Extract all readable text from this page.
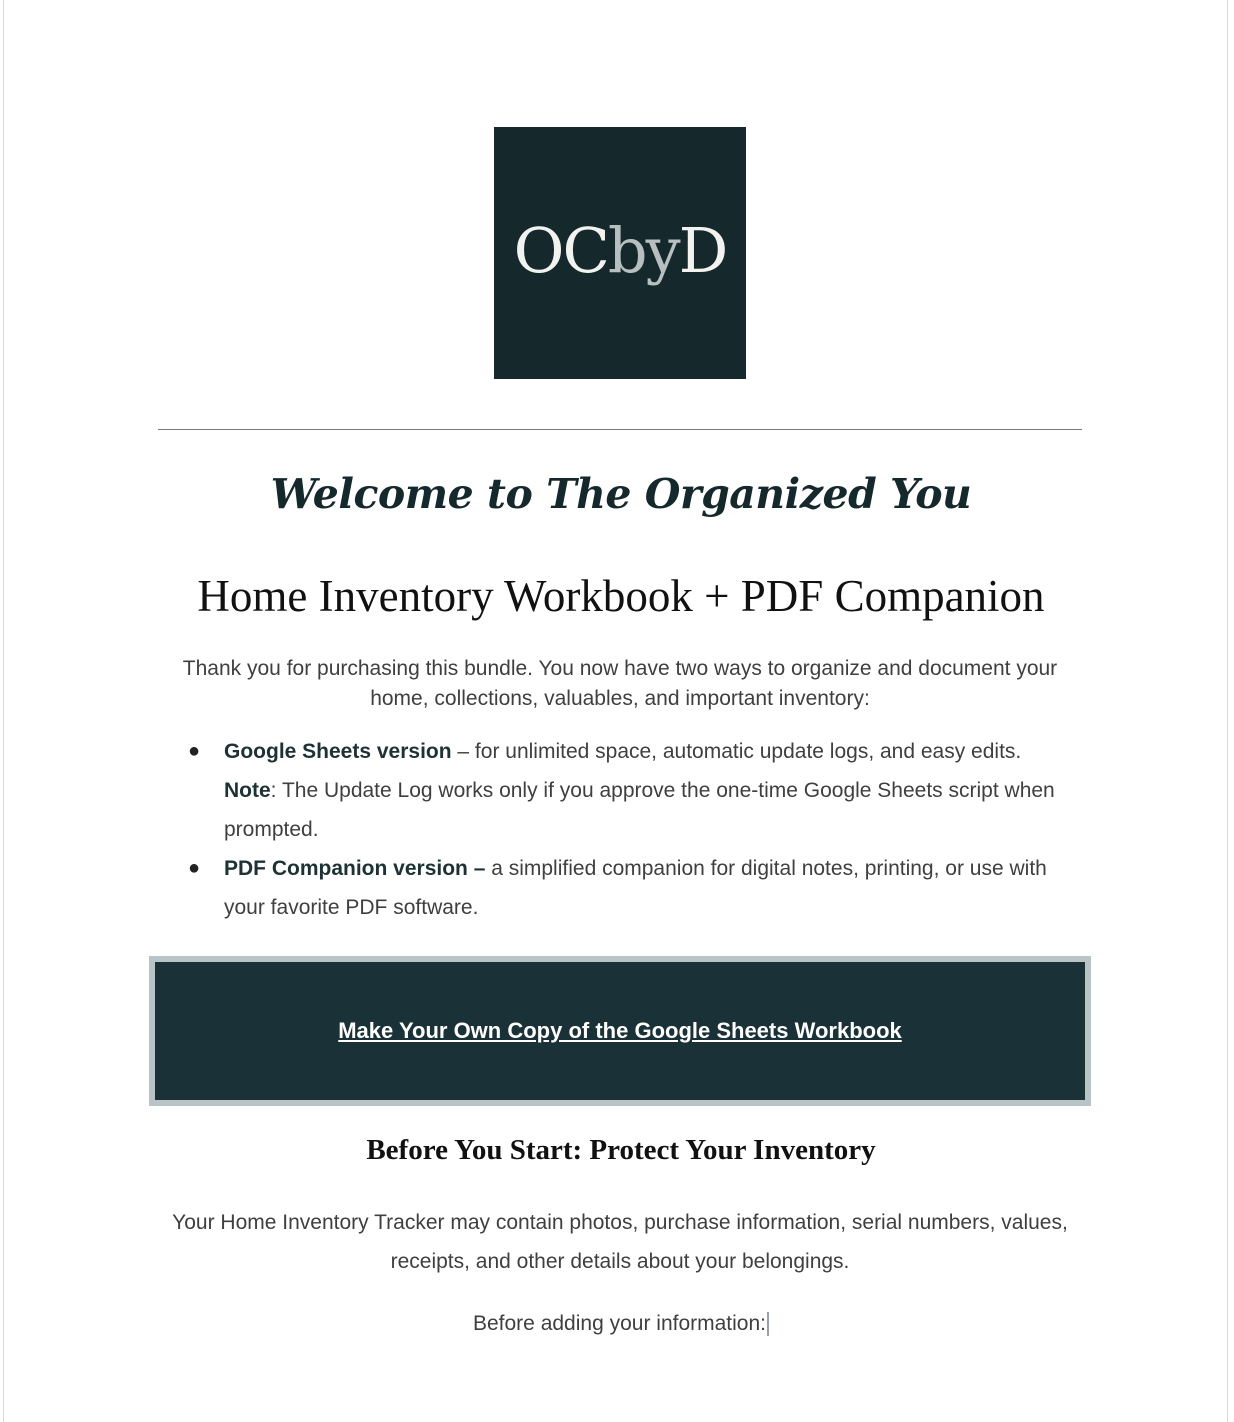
OCbyD
Welcome to The Organized You
Home Inventory Workbook + PDF Companion
Thank you for purchasing this bundle. You now have two ways to organize and document your home, collections, valuables, and important inventory:
● Google Sheets version – for unlimited space, automatic update logs, and easy edits.
Note: The Update Log works only if you approve the one-time Google Sheets script when prompted.
● PDF Companion version – a simplified companion for digital notes, printing, or use with your favorite PDF software.
Make Your Own Copy of the Google Sheets Workbook
Before You Start: Protect Your Inventory
Your Home Inventory Tracker may contain photos, purchase information, serial numbers, values, receipts, and other details about your belongings.
Before adding your information:
